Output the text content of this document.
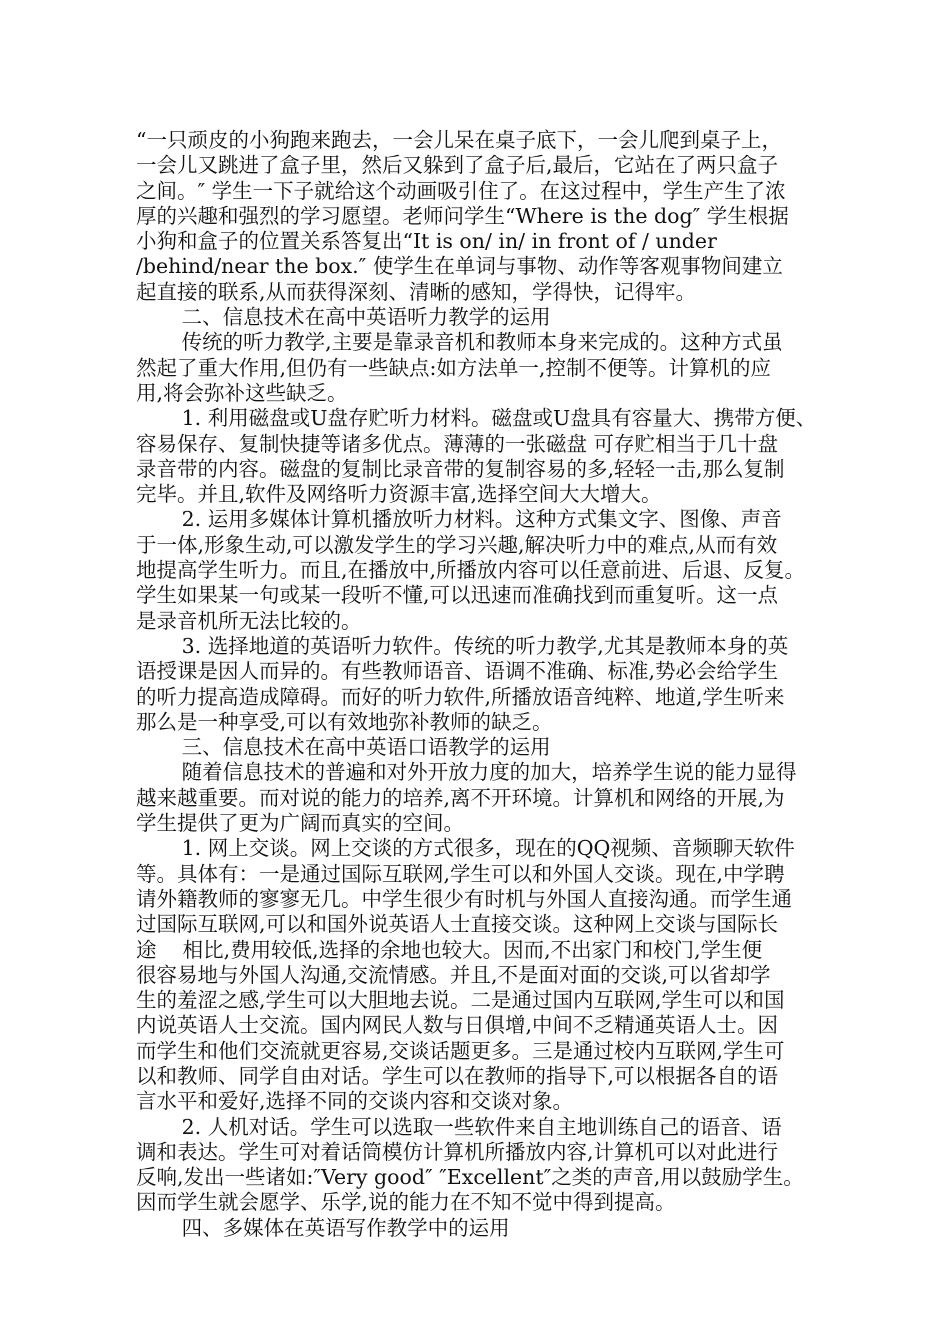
“一只顽皮的小狗跑来跑去，一会儿呆在桌子底下，一会儿爬到桌子上，
一会儿又跳进了盒子里，然后又躲到了盒子后,最后，它站在了两只盒子
之间。″ 学生一下子就给这个动画吸引住了。在这过程中，学生产生了浓
厚的兴趣和强烈的学习愿望。老师问学生“Where is the dog″ 学生根据
小狗和盒子的位置关系答复出“It is on/ in/ in front of / under
/behind/near the box.″ 使学生在单词与事物、动作等客观事物间建立
起直接的联系,从而获得深刻、清晰的感知，学得快，记得牢。
二、信息技术在高中英语听力教学的运用
传统的听力教学,主要是靠录音机和教师本身来完成的。这种方式虽
然起了重大作用,但仍有一些缺点:如方法单一,控制不便等。计算机的应
用,将会弥补这些缺乏。
1. 利用磁盘或U盘存贮听力材料。磁盘或U盘具有容量大、携带方便、
容易保存、复制快捷等诸多优点。薄薄的一张磁盘 可存贮相当于几十盘
录音带的内容。磁盘的复制比录音带的复制容易的多,轻轻一击,那么复制
完毕。并且,软件及网络听力资源丰富,选择空间大大增大。
2. 运用多媒体计算机播放听力材料。这种方式集文字、图像、声音
于一体,形象生动,可以激发学生的学习兴趣,解决听力中的难点,从而有效
地提高学生听力。而且,在播放中,所播放内容可以任意前进、后退、反复。
学生如果某一句或某一段听不懂,可以迅速而准确找到而重复听。这一点
是录音机所无法比较的。
3. 选择地道的英语听力软件。传统的听力教学,尤其是教师本身的英
语授课是因人而异的。有些教师语音、语调不准确、标准,势必会给学生
的听力提高造成障碍。而好的听力软件,所播放语音纯粹、地道,学生听来
那么是一种享受,可以有效地弥补教师的缺乏。
三、信息技术在高中英语口语教学的运用
随着信息技术的普遍和对外开放力度的加大，培养学生说的能力显得
越来越重要。而对说的能力的培养,离不开环境。计算机和网络的开展,为
学生提供了更为广阔而真实的空间。
1. 网上交谈。网上交谈的方式很多，现在的QQ视频、音频聊天软件
等。具体有：一是通过国际互联网,学生可以和外国人交谈。现在,中学聘
请外籍教师的寥寥无几。中学生很少有时机与外国人直接沟通。而学生通
过国际互联网,可以和国外说英语人士直接交谈。这种网上交谈与国际长
途    相比,费用较低,选择的余地也较大。因而,不出家门和校门,学生便
很容易地与外国人沟通,交流情感。并且,不是面对面的交谈,可以省却学
生的羞涩之感,学生可以大胆地去说。二是通过国内互联网,学生可以和国
内说英语人士交流。国内网民人数与日俱增,中间不乏精通英语人士。因
而学生和他们交流就更容易,交谈话题更多。三是通过校内互联网,学生可
以和教师、同学自由对话。学生可以在教师的指导下,可以根据各自的语
言水平和爱好,选择不同的交谈内容和交谈对象。
2. 人机对话。学生可以选取一些软件来自主地训练自己的语音、语
调和表达。学生可对着话筒模仿计算机所播放内容,计算机可以对此进行
反响,发出一些诸如:″Very good″ ″Excellent″之类的声音,用以鼓励学生。
因而学生就会愿学、乐学,说的能力在不知不觉中得到提高。
四、多媒体在英语写作教学中的运用
